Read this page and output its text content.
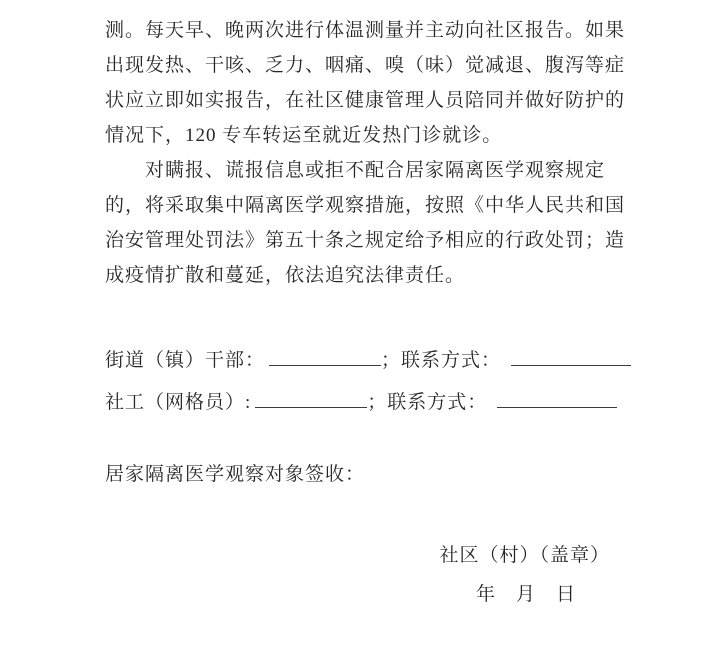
测。每天早、晚两次进行体温测量并主动向社区报告。如果
出现发热、干咳、乏力、咽痛、嗅（味）觉减退、腹泻等症
状应立即如实报告，在社区健康管理人员陪同并做好防护的
情况下，120 专车转运至就近发热门诊就诊。
对瞒报、谎报信息或拒不配合居家隔离医学观察规定
的，将采取集中隔离医学观察措施，按照《中华人民共和国
治安管理处罚法》第五十条之规定给予相应的行政处罚；造
成疫情扩散和蔓延，依法追究法律责任。
街道（镇）干部：	；联系方式：
社工（网格员）:	；联系方式：
居家隔离医学观察对象签收：
社区（村）（盖章）
年　月　日
